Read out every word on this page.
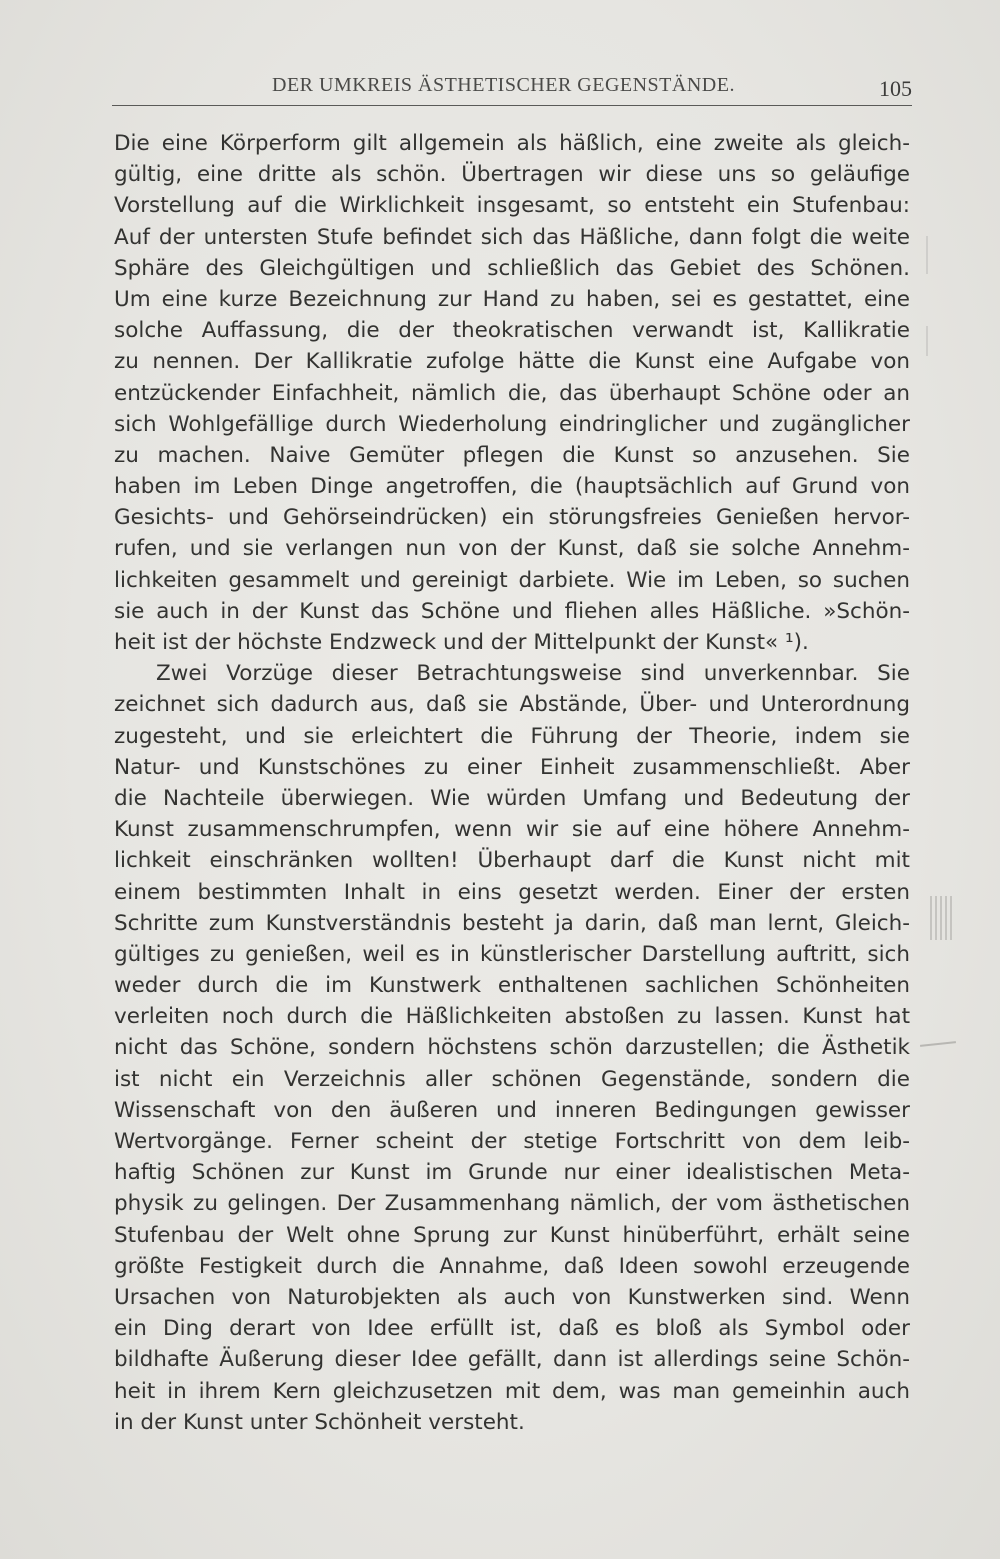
DER UMKREIS ÄSTHETISCHER GEGENSTÄNDE.	105
Die eine Körperform gilt allgemein als häßlich, eine zweite als gleich-
gültig, eine dritte als schön. Übertragen wir diese uns so geläufige
Vorstellung auf die Wirklichkeit insgesamt, so entsteht ein Stufenbau:
Auf der untersten Stufe befindet sich das Häßliche, dann folgt die weite
Sphäre des Gleichgültigen und schließlich das Gebiet des Schönen.
Um eine kurze Bezeichnung zur Hand zu haben, sei es gestattet, eine
solche Auffassung, die der theokratischen verwandt ist, Kallikratie
zu nennen. Der Kallikratie zufolge hätte die Kunst eine Aufgabe von
entzückender Einfachheit, nämlich die, das überhaupt Schöne oder an
sich Wohlgefällige durch Wiederholung eindringlicher und zugänglicher
zu machen. Naive Gemüter pflegen die Kunst so anzusehen. Sie
haben im Leben Dinge angetroffen, die (hauptsächlich auf Grund von
Gesichts- und Gehörseindrücken) ein störungsfreies Genießen hervor-
rufen, und sie verlangen nun von der Kunst, daß sie solche Annehm-
lichkeiten gesammelt und gereinigt darbiete. Wie im Leben, so suchen
sie auch in der Kunst das Schöne und fliehen alles Häßliche. »Schön-
heit ist der höchste Endzweck und der Mittelpunkt der Kunst« ¹).
Zwei Vorzüge dieser Betrachtungsweise sind unverkennbar. Sie
zeichnet sich dadurch aus, daß sie Abstände, Über- und Unterordnung
zugesteht, und sie erleichtert die Führung der Theorie, indem sie
Natur- und Kunstschönes zu einer Einheit zusammenschließt. Aber
die Nachteile überwiegen. Wie würden Umfang und Bedeutung der
Kunst zusammenschrumpfen, wenn wir sie auf eine höhere Annehm-
lichkeit einschränken wollten! Überhaupt darf die Kunst nicht mit
einem bestimmten Inhalt in eins gesetzt werden. Einer der ersten
Schritte zum Kunstverständnis besteht ja darin, daß man lernt, Gleich-
gültiges zu genießen, weil es in künstlerischer Darstellung auftritt, sich
weder durch die im Kunstwerk enthaltenen sachlichen Schönheiten
verleiten noch durch die Häßlichkeiten abstoßen zu lassen. Kunst hat
nicht das Schöne, sondern höchstens schön darzustellen; die Ästhetik
ist nicht ein Verzeichnis aller schönen Gegenstände, sondern die
Wissenschaft von den äußeren und inneren Bedingungen gewisser
Wertvorgänge. Ferner scheint der stetige Fortschritt von dem leib-
haftig Schönen zur Kunst im Grunde nur einer idealistischen Meta-
physik zu gelingen. Der Zusammenhang nämlich, der vom ästhetischen
Stufenbau der Welt ohne Sprung zur Kunst hinüberführt, erhält seine
größte Festigkeit durch die Annahme, daß Ideen sowohl erzeugende
Ursachen von Naturobjekten als auch von Kunstwerken sind. Wenn
ein Ding derart von Idee erfüllt ist, daß es bloß als Symbol oder
bildhafte Äußerung dieser Idee gefällt, dann ist allerdings seine Schön-
heit in ihrem Kern gleichzusetzen mit dem, was man gemeinhin auch
in der Kunst unter Schönheit versteht.
